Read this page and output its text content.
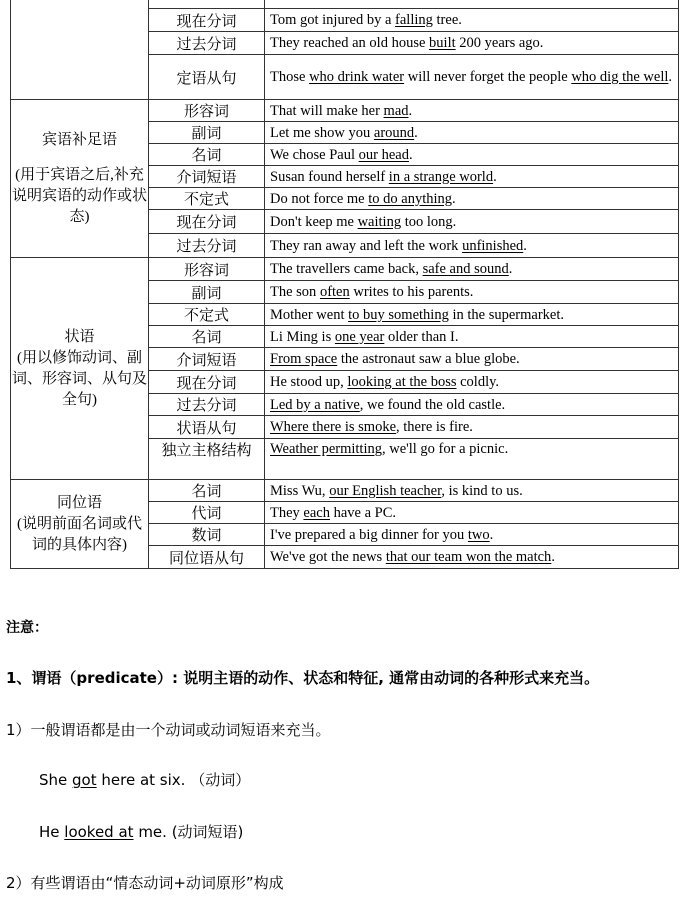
	现在分词	Tom got injured by a falling tree.
	过去分词	They reached an old house built 200 years ago.
	定语从句	Those who drink water will never forget the people who dig the well.

宾语补足语
(用于宾语之后,补充说明宾语的动作或状态)	形容词	That will make her mad.
	副词	Let me show you around.
	名词	We chose Paul our head.
	介词短语	Susan found herself in a strange world.
	不定式	Do not force me to do anything.
	现在分词	Don't keep me waiting too long.
	过去分词	They ran away and left the work unfinished.

状语
(用以修饰动词、副词、形容词、从句及全句)	形容词	The travellers came back, safe and sound.
	副词	The son often writes to his parents.
	不定式	Mother went to buy something in the supermarket.
	名词	Li Ming is one year older than I.
	介词短语	From space the astronaut saw a blue globe.
	现在分词	He stood up, looking at the boss coldly.
	过去分词	Led by a native, we found the old castle.
	状语从句	Where there is smoke, there is fire.
	独立主格结构	Weather permitting, we'll go for a picnic.

同位语
(说明前面名词或代词的具体内容)	名词	Miss Wu, our English teacher, is kind to us.
	代词	They each have a PC.
	数词	I've prepared a big dinner for you two.
	同位语从句	We've got the news that our team won the match.
注意：
1、谓语（predicate）: 说明主语的动作、状态和特征, 通常由动词的各种形式来充当。
1）一般谓语都是由一个动词或动词短语来充当。
She got here at six. （动词）
He looked at me. (动词短语)
2）有些谓语由“情态动词+动词原形”构成
